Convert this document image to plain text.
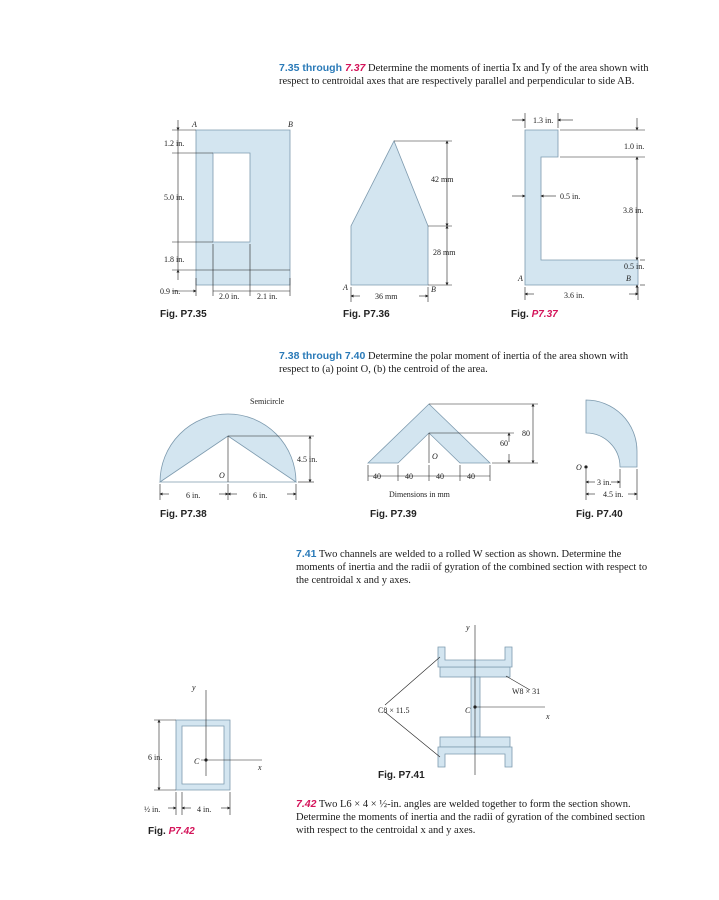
7.35 through 7.37 Determine the moments of inertia Īx and Īy of the area shown with respect to centroidal axes that are respectively parallel and perpendicular to side AB.
7.38 through 7.40 Determine the polar moment of inertia of the area shown with respect to (a) point O, (b) the centroid of the area.
7.41 Two channels are welded to a rolled W section as shown. Determine the moments of inertia and the radii of gyration of the combined section with respect to the centroidal x and y axes.
7.42 Two L6 × 4 × ½-in. angles are welded together to form the section shown. Determine the moments of inertia and the radii of gyration of the combined section with respect to the centroidal x and y axes.
Fig. P7.35	Fig. P7.36	Fig. P7.37
Fig. P7.38	Fig. P7.39	Fig. P7.40
Fig. P7.41
Fig. P7.42
1.2 in.
5.0 in.
1.8 in.
0.9 in.
2.0 in. 2.1 in.
A	B
42 mm
28 mm
36 mm
A	B
1.3 in.
1.0 in.
0.5 in.
3.8 in.
0.5 in.
3.6 in.
A	B
Semicircle
4.5 in.
6 in.	6 in.
O	40	40	40	40
60
80
Dimensions in mm
O
O
3 in.
4.5 in.
y
x
W8 × 31
C8 × 11.5	C
y
x
C
6 in.
½ in.	4 in.
